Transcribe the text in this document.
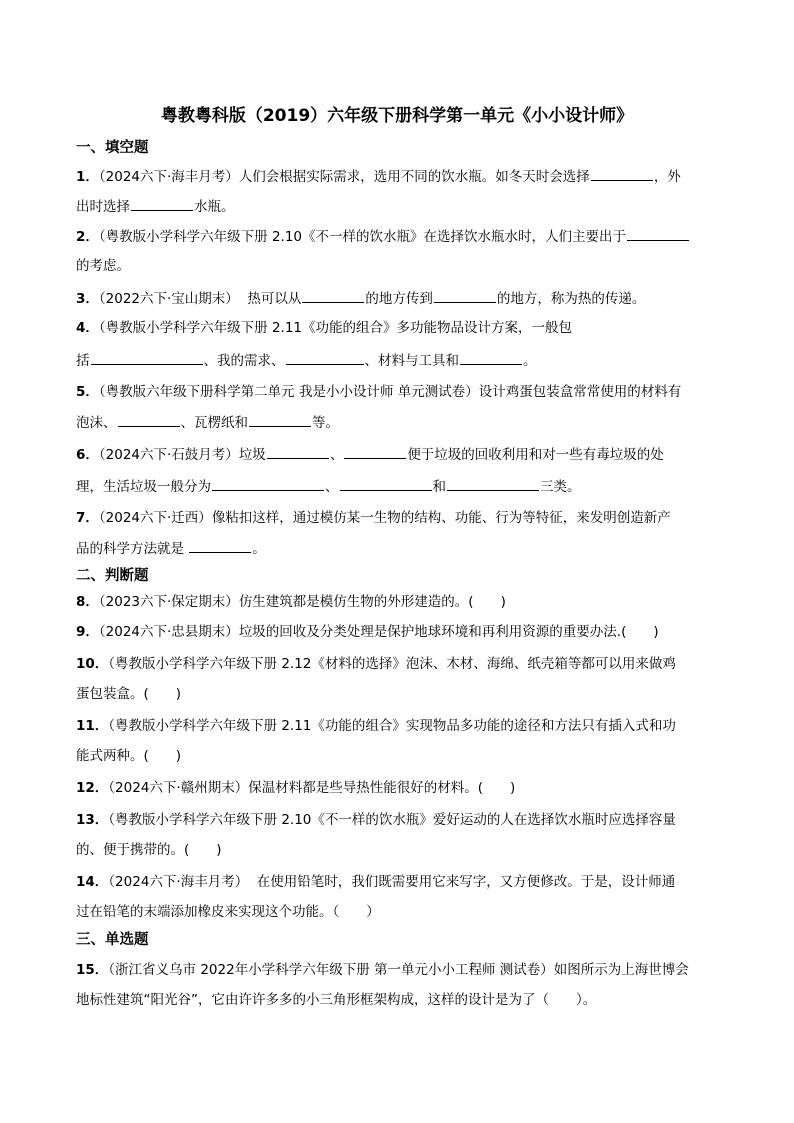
粤教粤科版（2019）六年级下册科学第一单元《小小设计师》
一、填空题
1．（2024六下·海丰月考）人们会根据实际需求，选用不同的饮水瓶。如冬天时会选择	，外
出时选择	水瓶。
2．（粤教版小学科学六年级下册 2.10《不一样的饮水瓶》在选择饮水瓶水时，人们主要出于
的考虑。
3．（2022六下·宝山期末） 热可以从	的地方传到	的地方，称为热的传递。
4．（粤教版小学科学六年级下册 2.11《功能的组合》多功能物品设计方案，一般包
括	、我的需求、	、材料与工具和	。
5．（粤教版六年级下册科学第二单元 我是小小设计师 单元测试卷）设计鸡蛋包装盒常常使用的材料有
泡沫、	、瓦楞纸和	等。
6．（2024六下·石鼓月考）垃圾	、	便于垃圾的回收利用和对一些有毒垃圾的处
理，生活垃圾一般分为	、	和	三类。
7．（2024六下·迁西）像粘扣这样，通过模仿某一生物的结构、功能、行为等特征，来发明创造新产
品的科学方法就是	。
二、判断题
8．（2023六下·保定期末）仿生建筑都是模仿生物的外形建造的。(　　)
9．（2024六下·忠县期末）垃圾的回收及分类处理是保护地球环境和再利用资源的重要办法.(　　)
10．（粤教版小学科学六年级下册 2.12《材料的选择》泡沫、木材、海绵、纸壳箱等都可以用来做鸡
蛋包装盒。(　　)
11．（粤教版小学科学六年级下册 2.11《功能的组合》实现物品多功能的途径和方法只有插入式和功
能式两种。(　　)
12．（2024六下·赣州期末）保温材料都是些导热性能很好的材料。(　　)
13．（粤教版小学科学六年级下册 2.10《不一样的饮水瓶》爱好运动的人在选择饮水瓶时应选择容量
的、便于携带的。(　　)
14．（2024六下·海丰月考） 在使用铅笔时，我们既需要用它来写字，又方便修改。于是，设计师通
过在铅笔的末端添加橡皮来实现这个功能。（　　）
三、单选题
15．（浙江省义乌市 2022年小学科学六年级下册 第一单元小小工程师 测试卷）如图所示为上海世博会
地标性建筑“阳光谷”，它由许许多多的小三角形框架构成，这样的设计是为了（　　）。
